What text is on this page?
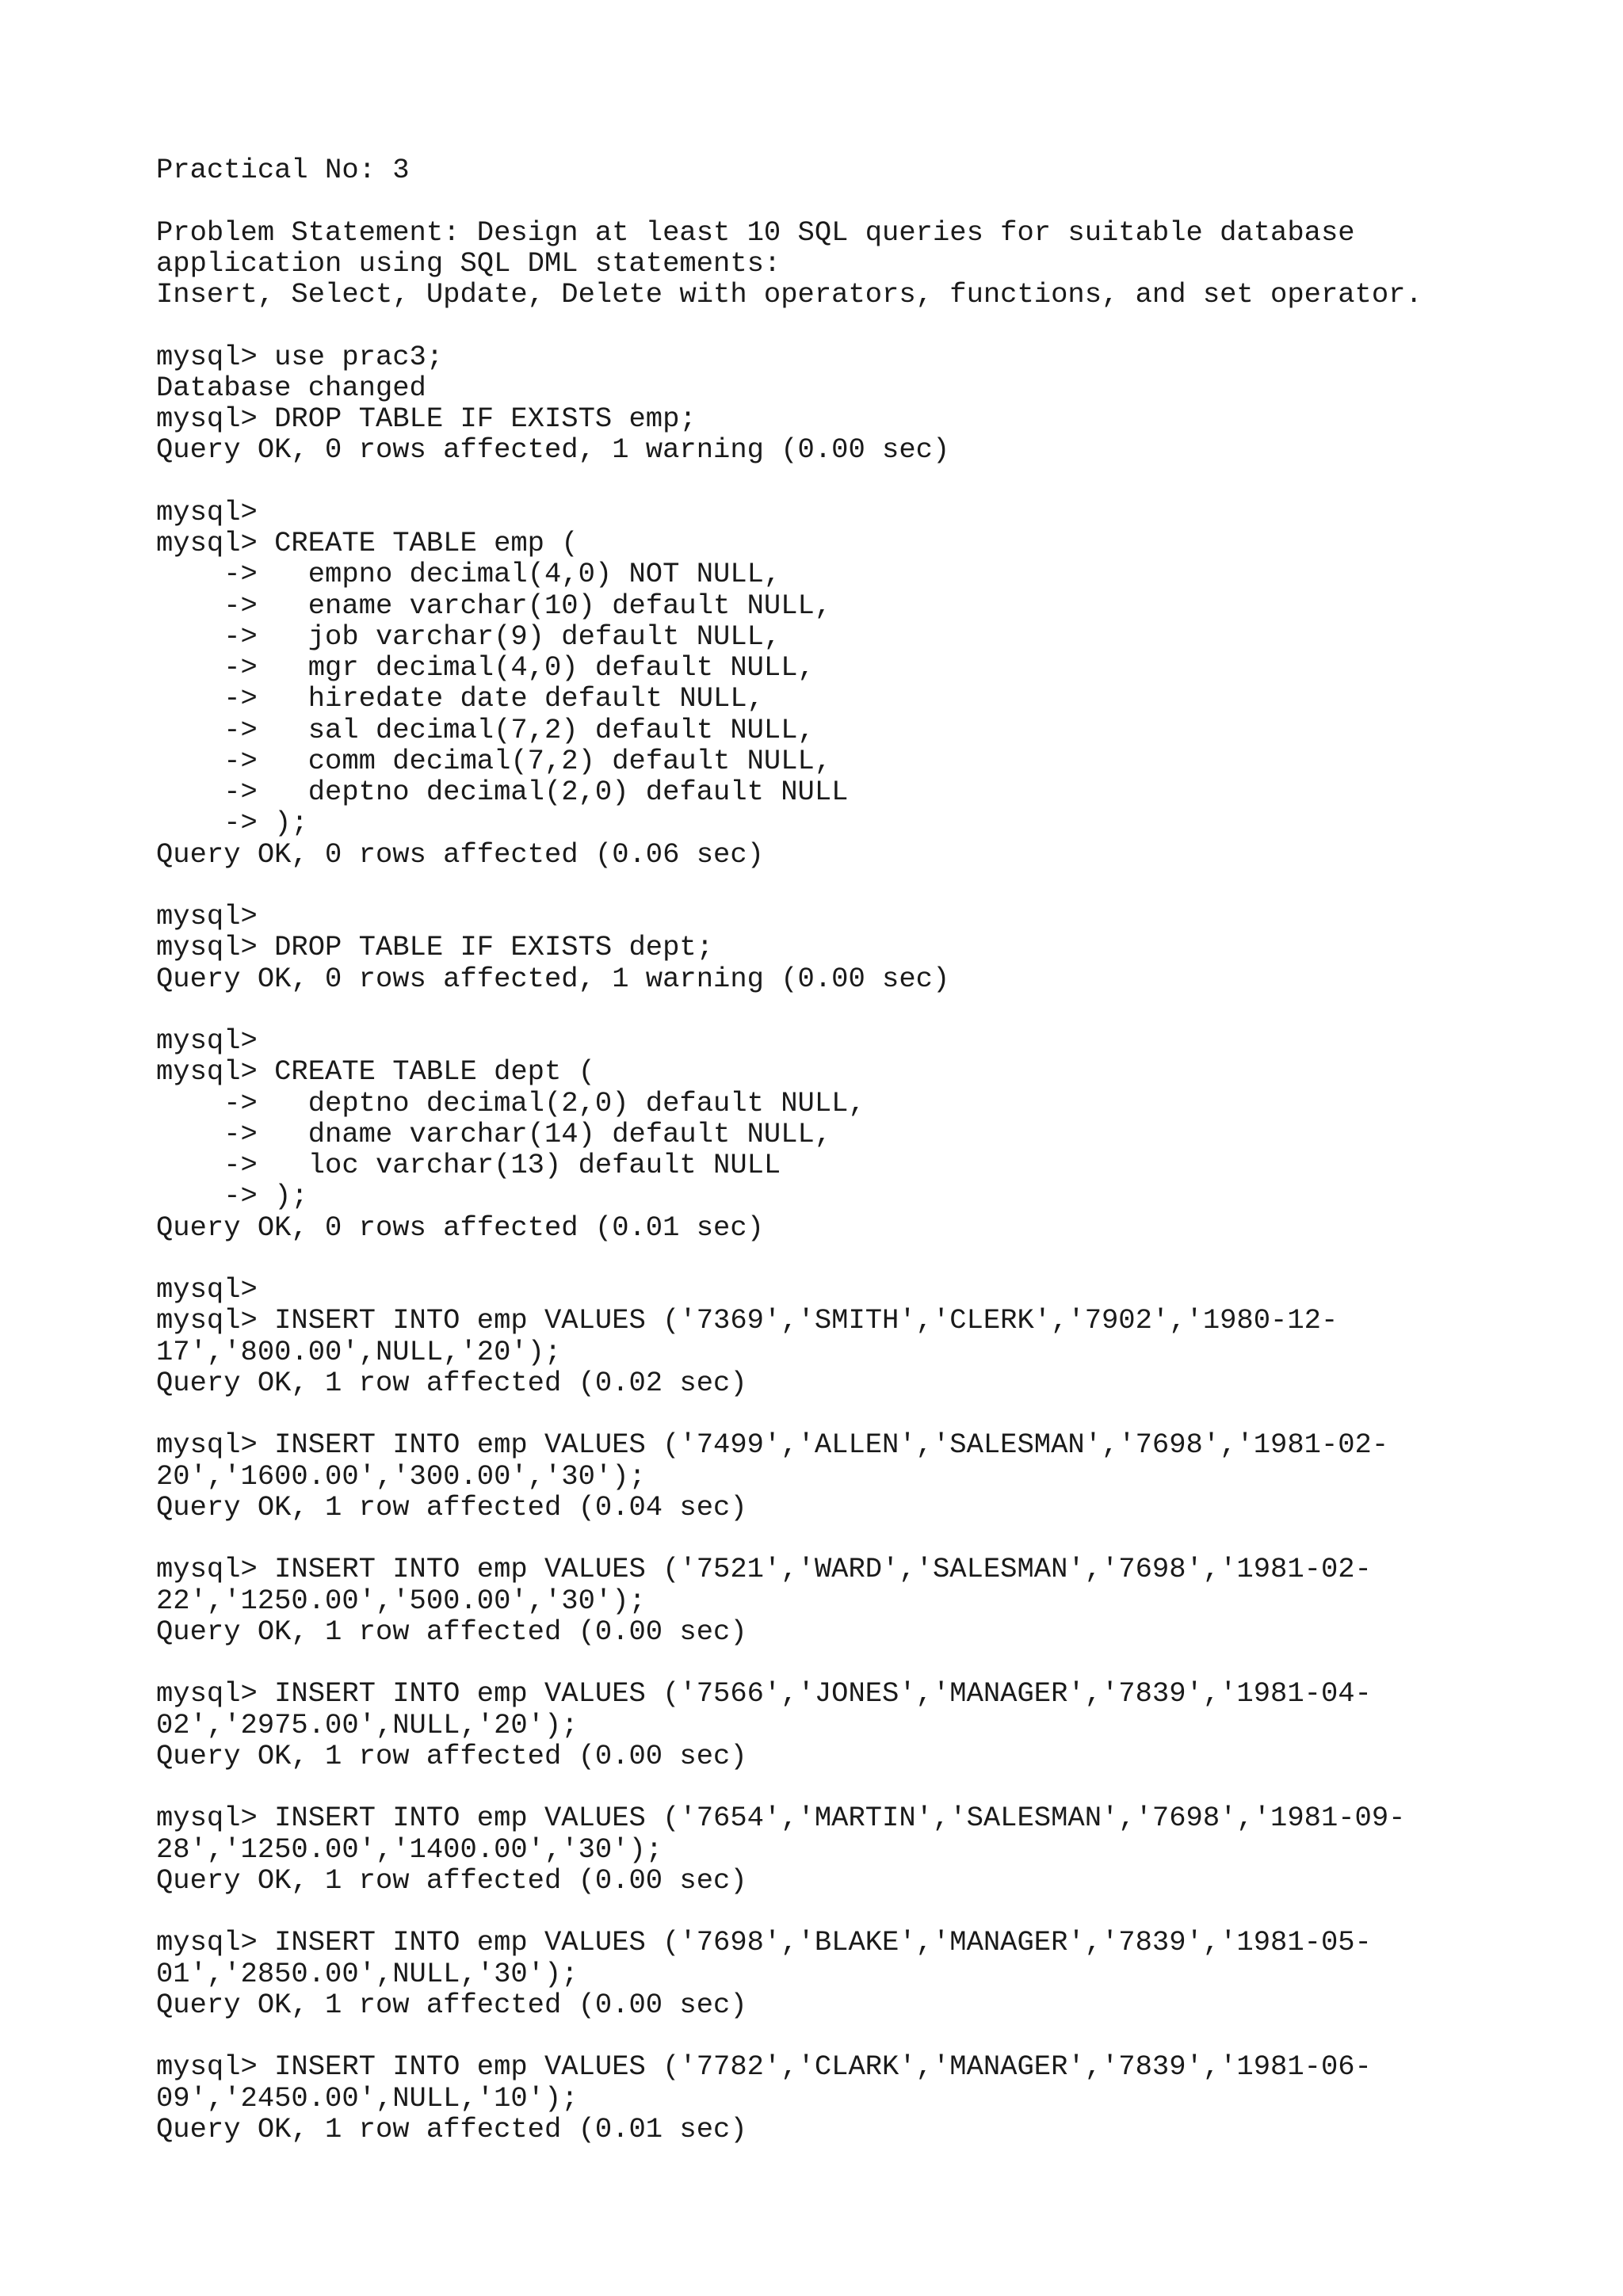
Practical No: 3
Problem Statement: Design at least 10 SQL queries for suitable database
application using SQL DML statements:
Insert, Select, Update, Delete with operators, functions, and set operator.
mysql> use prac3;
Database changed
mysql> DROP TABLE IF EXISTS emp;
Query OK, 0 rows affected, 1 warning (0.00 sec)
mysql>
mysql> CREATE TABLE emp (
->   empno decimal(4,0) NOT NULL,
->   ename varchar(10) default NULL,
->   job varchar(9) default NULL,
->   mgr decimal(4,0) default NULL,
->   hiredate date default NULL,
->   sal decimal(7,2) default NULL,
->   comm decimal(7,2) default NULL,
->   deptno decimal(2,0) default NULL
-> );
Query OK, 0 rows affected (0.06 sec)
mysql>
mysql> DROP TABLE IF EXISTS dept;
Query OK, 0 rows affected, 1 warning (0.00 sec)
mysql>
mysql> CREATE TABLE dept (
->   deptno decimal(2,0) default NULL,
->   dname varchar(14) default NULL,
->   loc varchar(13) default NULL
-> );
Query OK, 0 rows affected (0.01 sec)
mysql>
mysql> INSERT INTO emp VALUES ('7369','SMITH','CLERK','7902','1980-12-
17','800.00',NULL,'20');
Query OK, 1 row affected (0.02 sec)
mysql> INSERT INTO emp VALUES ('7499','ALLEN','SALESMAN','7698','1981-02-
20','1600.00','300.00','30');
Query OK, 1 row affected (0.04 sec)
mysql> INSERT INTO emp VALUES ('7521','WARD','SALESMAN','7698','1981-02-
22','1250.00','500.00','30');
Query OK, 1 row affected (0.00 sec)
mysql> INSERT INTO emp VALUES ('7566','JONES','MANAGER','7839','1981-04-
02','2975.00',NULL,'20');
Query OK, 1 row affected (0.00 sec)
mysql> INSERT INTO emp VALUES ('7654','MARTIN','SALESMAN','7698','1981-09-
28','1250.00','1400.00','30');
Query OK, 1 row affected (0.00 sec)
mysql> INSERT INTO emp VALUES ('7698','BLAKE','MANAGER','7839','1981-05-
01','2850.00',NULL,'30');
Query OK, 1 row affected (0.00 sec)
mysql> INSERT INTO emp VALUES ('7782','CLARK','MANAGER','7839','1981-06-
09','2450.00',NULL,'10');
Query OK, 1 row affected (0.01 sec)
